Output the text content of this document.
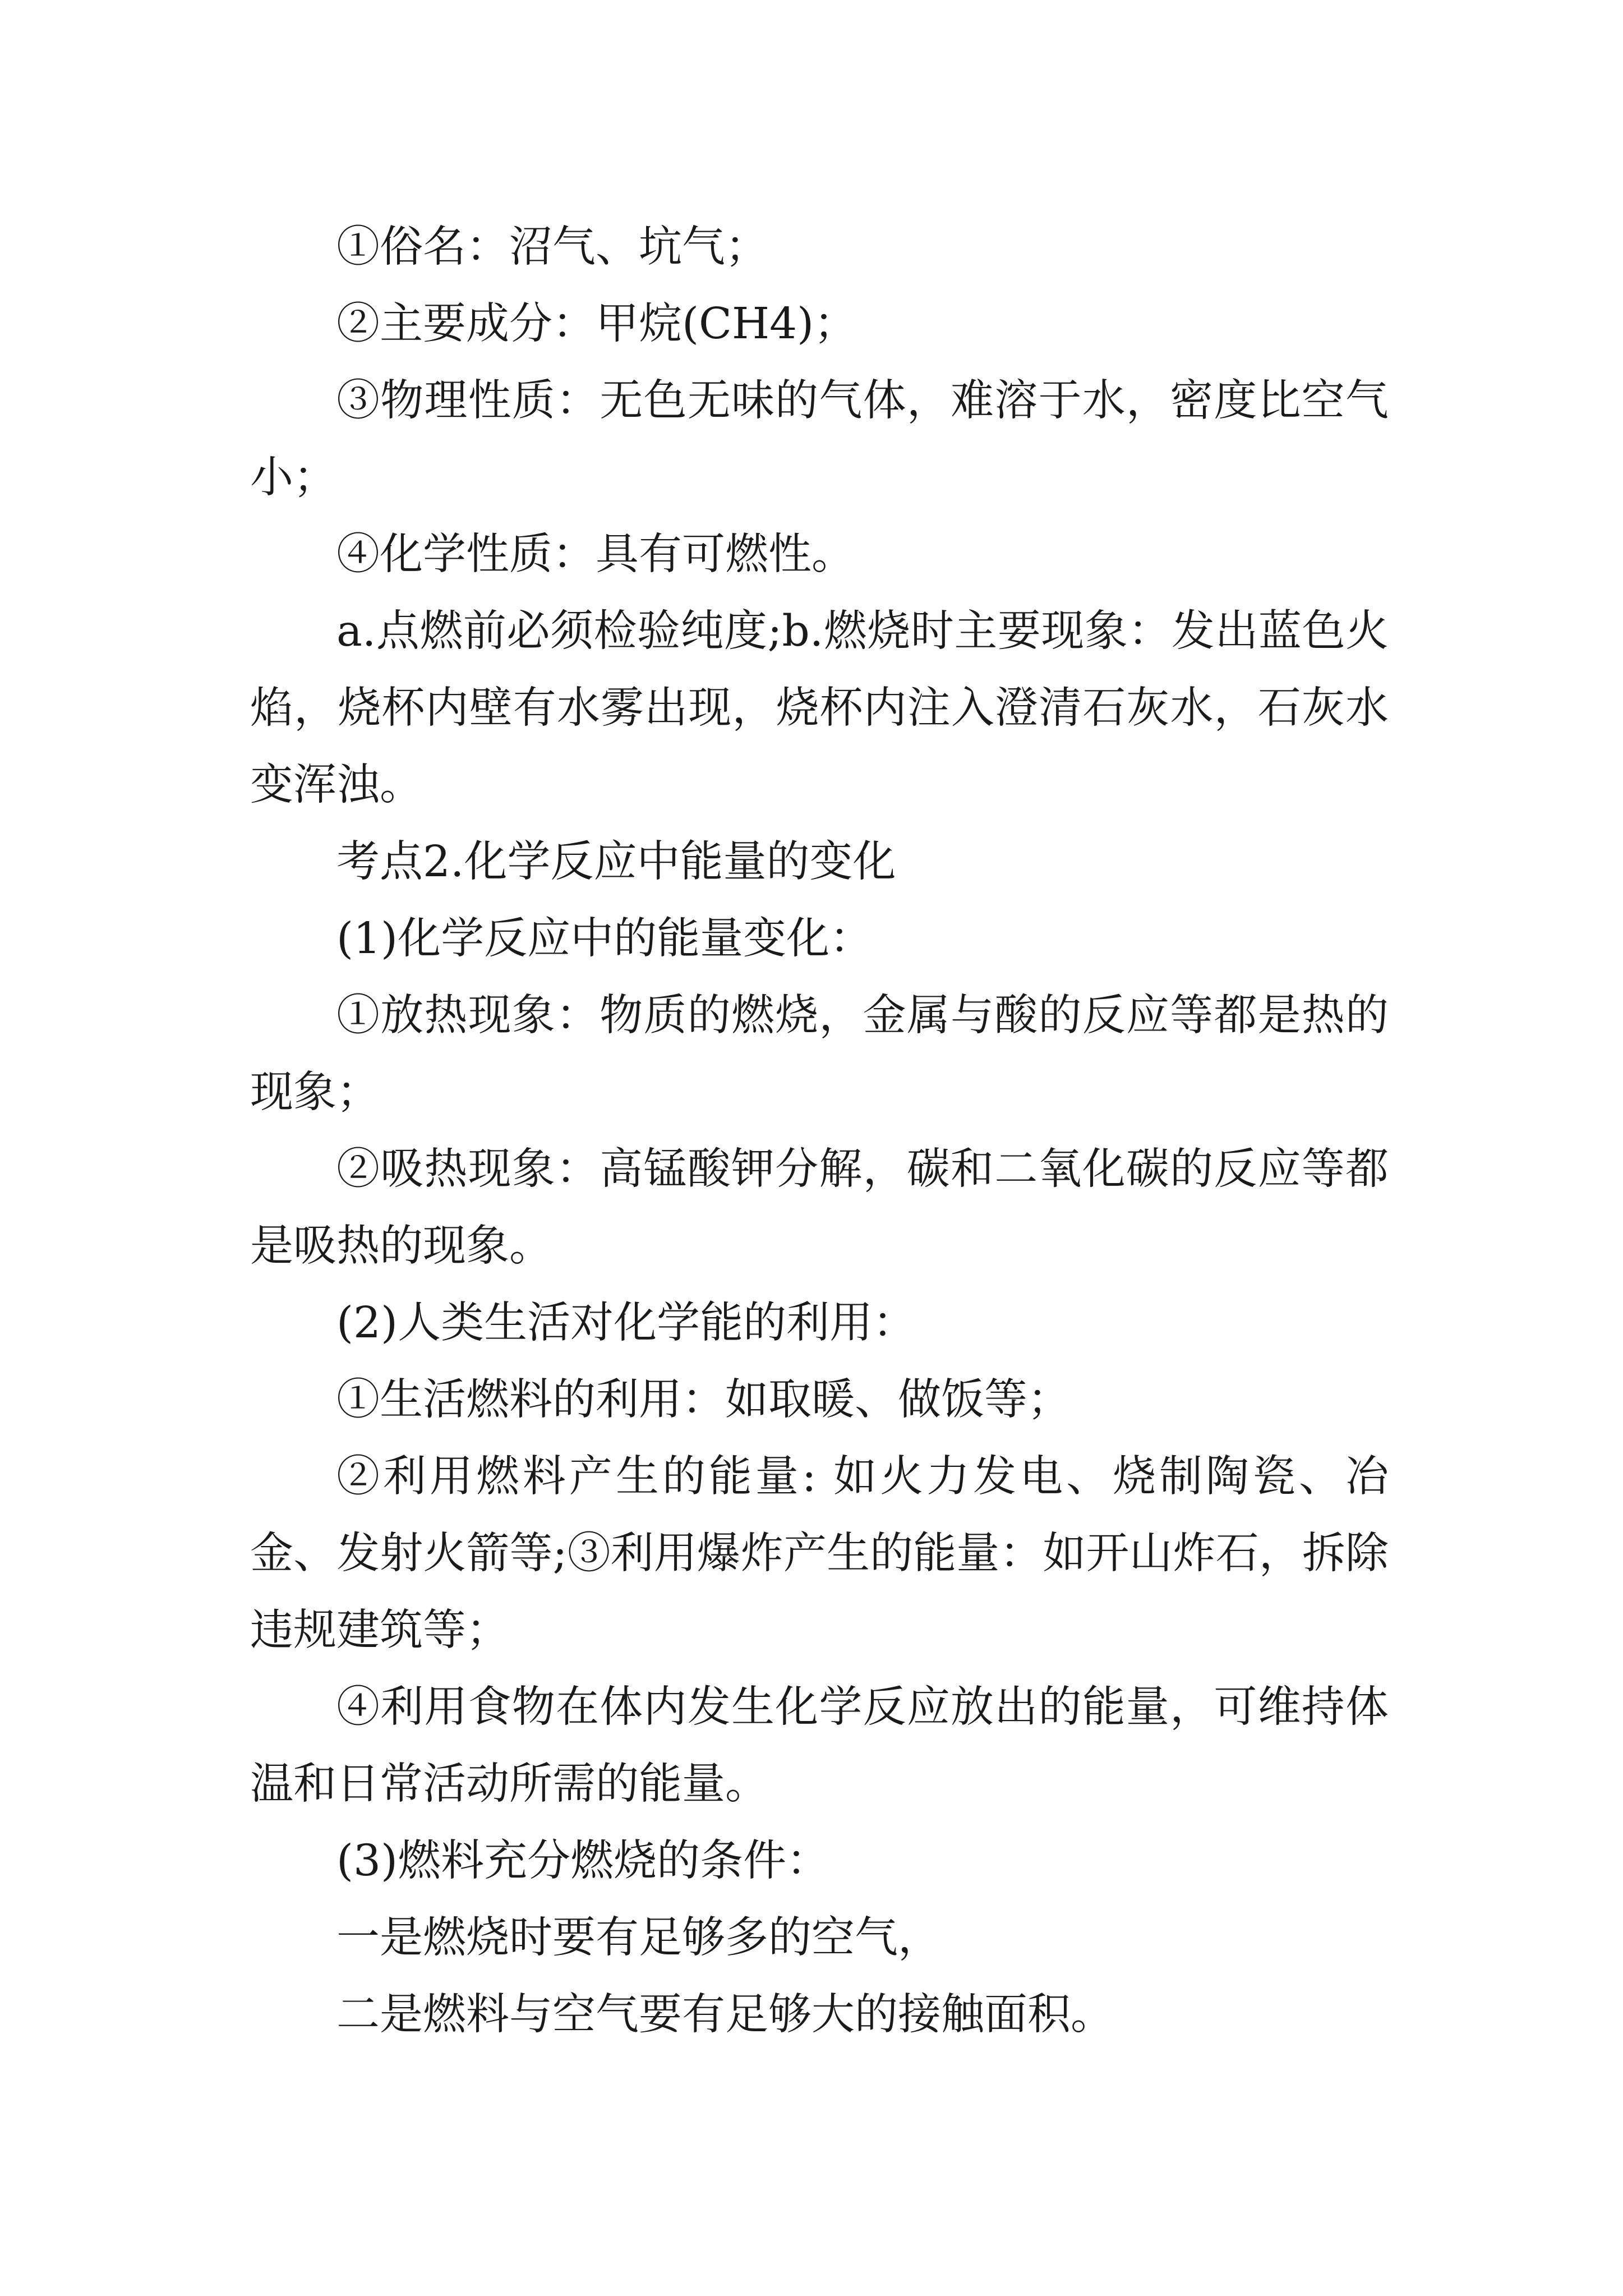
①俗名：沼气、坑气；

②主要成分：甲烷(CH4)；

③物理性质：无色无味的气体，难溶于水，密度比空气小；

④化学性质：具有可燃性。

a.点燃前必须检验纯度;b.燃烧时主要现象：发出蓝色火焰，烧杯内壁有水雾出现，烧杯内注入澄清石灰水，石灰水变浑浊。

考点2.化学反应中能量的变化

(1)化学反应中的能量变化：

①放热现象：物质的燃烧，金属与酸的反应等都是热的现象；

②吸热现象：高锰酸钾分解，碳和二氧化碳的反应等都是吸热的现象。

(2)人类生活对化学能的利用：

①生活燃料的利用：如取暖、做饭等；

②利用燃料产生的能量: 如火力发电、烧制陶瓷、冶金、发射火箭等;③利用爆炸产生的能量：如开山炸石，拆除违规建筑等；

④利用食物在体内发生化学反应放出的能量，可维持体温和日常活动所需的能量。

(3)燃料充分燃烧的条件：

一是燃烧时要有足够多的空气，

二是燃料与空气要有足够大的接触面积。
